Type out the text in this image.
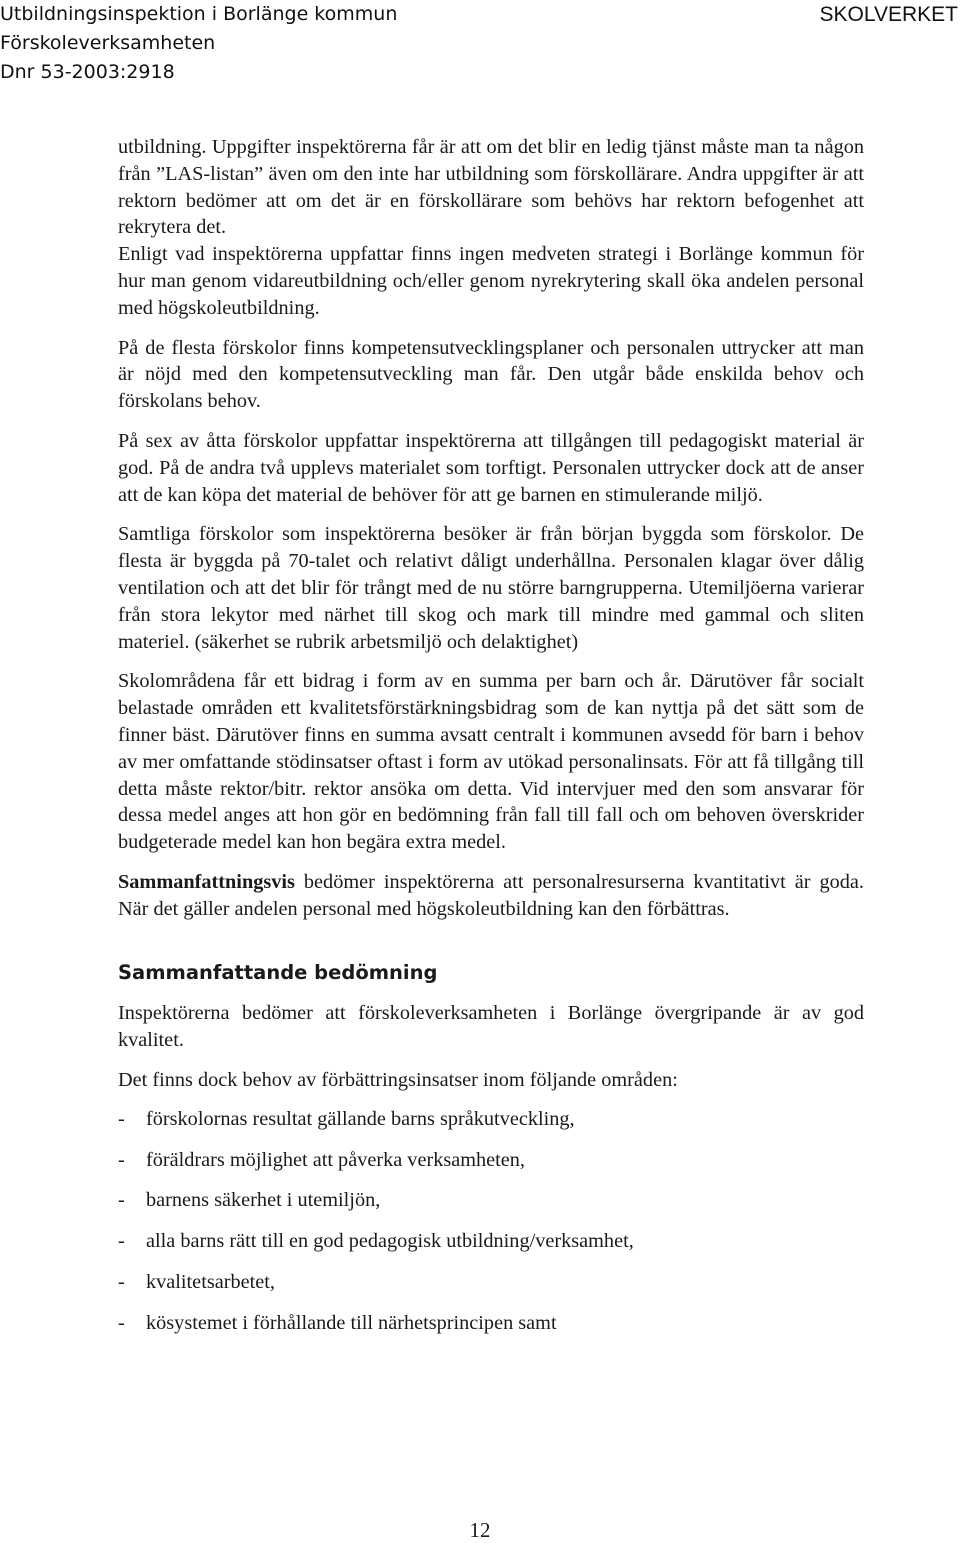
Utbildningsinspektion i Borlänge kommun
Förskoleverksamheten
Dnr 53-2003:2918
SKOLVERKET

utbildning. Uppgifter inspektörerna får är att om det blir en ledig tjänst måste man ta någon från ”LAS-listan” även om den inte har utbildning som förskollärare. Andra uppgifter är att rektorn bedömer att om det är en förskollärare som behövs har rektorn befogenhet att rekrytera det.

Enligt vad inspektörerna uppfattar finns ingen medveten strategi i Borlänge kommun för hur man genom vidareutbildning och/eller genom nyrekrytering skall öka andelen personal med högskoleutbildning.

På de flesta förskolor finns kompetensutvecklingsplaner och personalen uttrycker att man är nöjd med den kompetensutveckling man får. Den utgår både enskilda behov och förskolans behov.

På sex av åtta förskolor uppfattar inspektörerna att tillgången till pedagogiskt material är god. På de andra två upplevs materialet som torftigt. Personalen uttrycker dock att de anser att de kan köpa det material de behöver för att ge barnen en stimulerande miljö.

Samtliga förskolor som inspektörerna besöker är från början byggda som förskolor. De flesta är byggda på 70-talet och relativt dåligt underhållna. Personalen klagar över dålig ventilation och att det blir för trångt med de nu större barngrupperna. Utemiljöerna varierar från stora lekytor med närhet till skog och mark till mindre med gammal och sliten materiel. (säkerhet se rubrik arbetsmiljö och delaktighet)

Skolområdena får ett bidrag i form av en summa per barn och år. Därutöver får socialt belastade områden ett kvalitetsförstärkningsbidrag som de kan nyttja på det sätt som de finner bäst. Därutöver finns en summa avsatt centralt i kommunen avsedd för barn i behov av mer omfattande stödinsatser oftast i form av utökad personalinsats. För att få tillgång till detta måste rektor/bitr. rektor ansöka om detta. Vid intervjuer med den som ansvarar för dessa medel anges att hon gör en bedömning från fall till fall och om behoven överskrider budgeterade medel kan hon begära extra medel.

Sammanfattningsvis bedömer inspektörerna att personalresurserna kvantitativt är goda. När det gäller andelen personal med högskoleutbildning kan den förbättras.

Sammanfattande bedömning

Inspektörerna bedömer att förskoleverksamheten i Borlänge övergripande är av god kvalitet.

Det finns dock behov av förbättringsinsatser inom följande områden:

-	förskolornas resultat gällande barns språkutveckling,
-	föräldrars möjlighet att påverka verksamheten,
-	barnens säkerhet i utemiljön,
-	alla barns rätt till en god pedagogisk utbildning/verksamhet,
-	kvalitetsarbetet,
-	kösystemet i förhållande till närhetsprincipen samt
12
